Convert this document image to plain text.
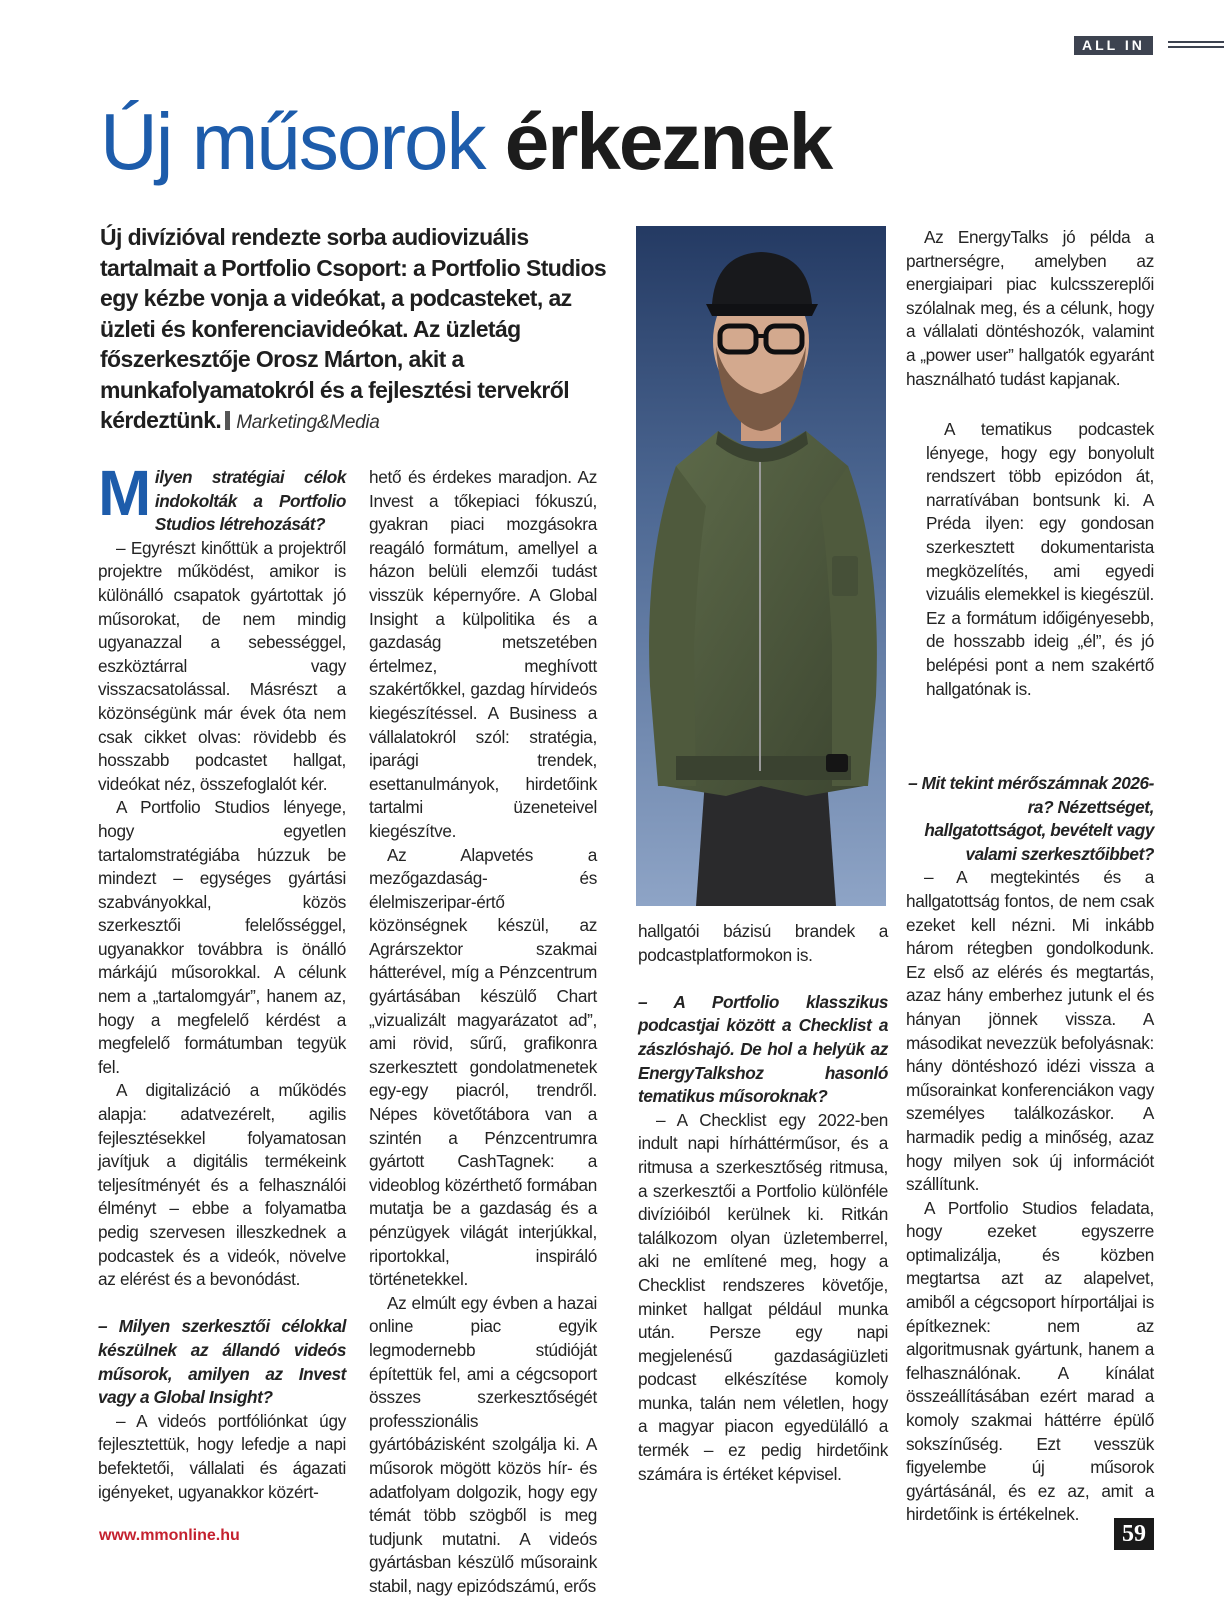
ALL IN
Új műsorok érkeznek
Új divízióval rendezte sorba audiovizuális tartalmait a Portfolio Csoport: a Portfolio Studios egy kézbe vonja a videókat, a podcasteket, az üzleti és konferenciavideókat. Az üzletág főszerkesztője Orosz Márton, akit a munkafolyamatokról és a fejlesztési tervekről kérdeztünk. Marketing&Media

Milyen stratégiai célok indokolták a Portfolio Studios létrehozását?

– Egyrészt kinőttük a projektről projektre működést, amikor is különálló csapatok gyártottak jó műsorokat, de nem mindig ugyanazzal a sebességgel, eszköztárral vagy visszacsatolással. Másrészt a közönségünk már évek óta nem csak cikket olvas: rövidebb és hosszabb podcastet hallgat, videókat néz, összefoglalót kér.

A Portfolio Studios lényege, hogy egyetlen tartalomstratégiába húzzuk be mindezt – egységes gyártási szabványokkal, közös szerkesztői felelősséggel, ugyanakkor továbbra is önálló márkájú műsorokkal. A célunk nem a „tartalomgyár”, hanem az, hogy a megfelelő kérdést a megfelelő formátumban tegyük fel.

A digitalizáció a működés alapja: adatvezérelt, agilis fejlesztésekkel folyamatosan javítjuk a digitális termékeink teljesítményét és a felhasználói élményt – ebbe a folyamatba pedig szervesen illeszkednek a podcastek és a videók, növelve az elérést és a bevonódást.

– Milyen szerkesztői célokkal készülnek az állandó videós műsorok, amilyen az Invest vagy a Global Insight?

– A videós portfóliónkat úgy fejlesztettük, hogy lefedje a napi befektetői, vállalati és ágazati igényeket, ugyanakkor közért-

hető és érdekes maradjon. Az Invest a tőkepiaci fókuszú, gyakran piaci mozgásokra reagáló formátum, amellyel a házon belüli elemzői tudást visszük képernyőre. A Global Insight a külpolitika és a gazdaság metszetében értelmez, meghívott szakértőkkel, gazdag hírvideós kiegészítéssel. A Business a vállalatokról szól: stratégia, iparági trendek, esettanulmányok, hirdetőink tartalmi üzeneteivel kiegészítve.

Az Alapvetés a mezőgazdaság- és élelmiszeripar-értő közönségnek készül, az Agrárszektor szakmai hátterével, míg a Pénzcentrum gyártásában készülő Chart „vizualizált magyarázatot ad”, ami rövid, sűrű, grafikonra szerkesztett gondolatmenetek egy-egy piacról, trendről. Népes követőtábora van a szintén a Pénzcentrumra gyártott CashTagnek: a videoblog közérthető formában mutatja be a gazdaság és a pénzügyek világát interjúkkal, riportokkal, inspiráló történetekkel.

Az elmúlt egy évben a hazai online piac egyik legmodernebb stúdióját építettük fel, ami a cégcsoport összes szerkesztőségét professzionális gyártóbázisként szolgálja ki. A műsorok mögött közös hír- és adatfolyam dolgozik, hogy egy témát több szögből is meg tudjunk mutatni. A videós gyártásban készülő műsoraink stabil, nagy epizódszámú, erős

hallgatói bázisú brandek a podcastplatformokon is.

– A Portfolio klasszikus podcastjai között a Checklist a zászlóshajó. De hol a helyük az EnergyTalkshoz hasonló tematikus műsoroknak?

– A Checklist egy 2022-ben indult napi hírháttérműsor, és a ritmusa a szerkesztőség ritmusa, a szerkesztői a Portfolio különféle divízióiból kerülnek ki. Ritkán találkozom olyan üzletemberrel, aki ne említené meg, hogy a Checklist rendszeres követője, minket hallgat például munka után. Persze egy napi megjelenésű gazdaságiüzleti podcast elkészítése komoly munka, talán nem véletlen, hogy a magyar piacon egyedülálló a termék – ez pedig hirdetőink számára is értéket képvisel.

Az EnergyTalks jó példa a partnerségre, amelyben az energiaipari piac kulcsszereplői szólalnak meg, és a célunk, hogy a vállalati döntéshozók, valamint a „power user” hallgatók egyaránt használható tudást kapjanak.

A tematikus podcastek lényege, hogy egy bonyolult rendszert több epizódon át, narratívában bontsunk ki. A Préda ilyen: egy gondosan szerkesztett dokumentarista megközelítés, ami egyedi vizuális elemekkel is kiegészül. Ez a formátum időigényesebb, de hosszabb ideig „él”, és jó belépési pont a nem szakértő hallgatónak is.

– Mit tekint mérőszámnak 2026-ra? Nézettséget, hallgatottságot, bevételt vagy valami szerkesztőibbet?

– A megtekintés és a hallgatottság fontos, de nem csak ezeket kell nézni. Mi inkább három rétegben gondolkodunk. Ez első az elérés és megtartás, azaz hány emberhez jutunk el és hányan jönnek vissza. A másodikat nevezzük befolyásnak: hány döntéshozó idézi vissza a műsorainkat konferenciákon vagy személyes találkozáskor. A harmadik pedig a minőség, azaz hogy milyen sok új információt szállítunk.

A Portfolio Studios feladata, hogy ezeket egyszerre optimalizálja, és közben megtartsa azt az alapelvet, amiből a cégcsoport hírportáljai is építkeznek: nem az algoritmusnak gyártunk, hanem a felhasználónak. A kínálat összeállításában ezért marad a komoly szakmai háttérre épülő sokszínűség. Ezt vesszük figyelembe új műsorok gyártásánál, és ez az, amit a hirdetőink is értékelnek.

www.mmonline.hu	59
